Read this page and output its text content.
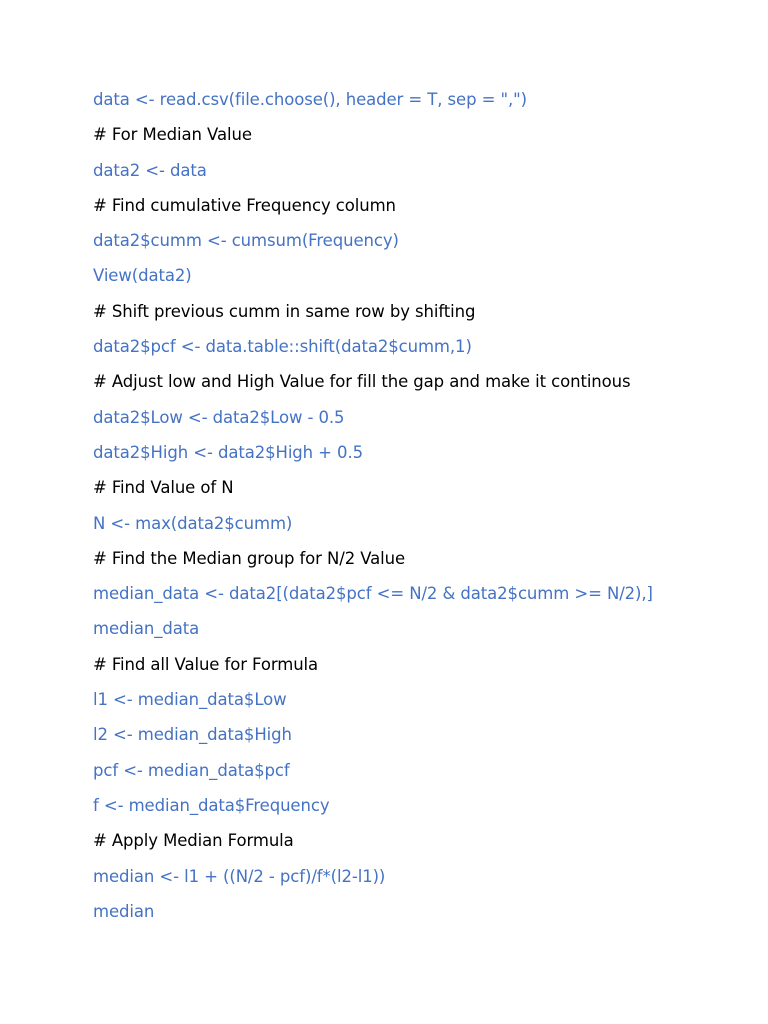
data <- read.csv(file.choose(), header = T, sep = ",")
# For Median Value
data2 <- data
# Find cumulative Frequency column
data2$cumm <- cumsum(Frequency)
View(data2)
# Shift previous cumm in same row by shifting
data2$pcf <- data.table::shift(data2$cumm,1)
# Adjust low and High Value for fill the gap and make it continous
data2$Low <- data2$Low - 0.5
data2$High <- data2$High + 0.5
# Find Value of N
N <- max(data2$cumm)
# Find the Median group for N/2 Value
median_data <- data2[(data2$pcf <= N/2 & data2$cumm >= N/2),]
median_data
# Find all Value for Formula
l1 <- median_data$Low
l2 <- median_data$High
pcf <- median_data$pcf
f <- median_data$Frequency
# Apply Median Formula
median <- l1 + ((N/2 - pcf)/f*(l2-l1))
median
